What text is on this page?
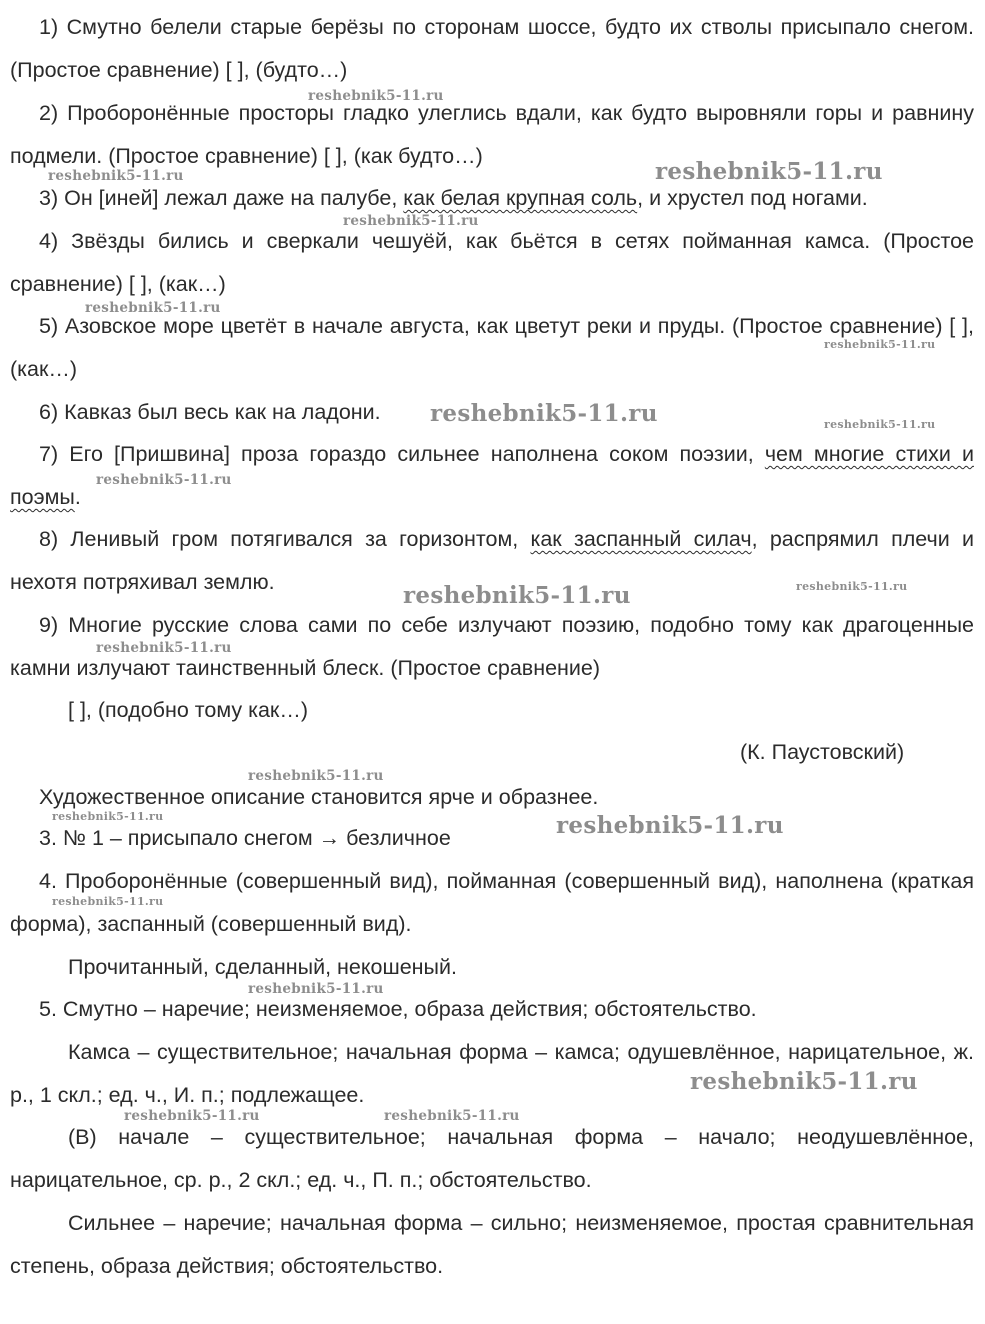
1) Смутно белели старые берёзы по сторонам шоссе, будто их стволы присыпало снегом. (Простое сравнение) [ ], (будто…)

2) Проборонённые просторы гладко улеглись вдали, как будто выровняли горы и равнину подмели. (Простое сравнение) [ ], (как будто…)

3) Он [иней] лежал даже на палубе, как белая крупная соль, и хрустел под ногами.

4) Звёзды бились и сверкали чешуёй, как бьётся в сетях пойманная камса. (Простое сравнение) [ ], (как…)

5) Азовское море цветёт в начале августа, как цветут реки и пруды. (Простое сравнение) [ ], (как…)

6) Кавказ был весь как на ладони.

7) Его [Пришвина] проза гораздо сильнее наполнена соком поэзии, чем многие стихи и поэмы.

8) Ленивый гром потягивался за горизонтом, как заспанный силач, распрямил плечи и нехотя потряхивал землю.

9) Многие русские слова сами по себе излучают поэзию, подобно тому как драгоценные камни излучают таинственный блеск. (Простое сравнение)

[ ], (подобно тому как…)

(К. Паустовский)

Художественное описание становится ярче и образнее.

3. № 1 – присыпало снегом → безличное

4. Проборонённые (совершенный вид), пойманная (совершенный вид), наполнена (краткая форма), заспанный (совершенный вид).

Прочитанный, сделанный, некошеный.

5. Смутно – наречие; неизменяемое, образа действия; обстоятельство.

Камса – существительное; начальная форма – камса; одушевлённое, нарицательное, ж. р., 1 скл.; ед. ч., И. п.; подлежащее.

(В) начале – существительное; начальная форма – начало; неодушевлённое, нарицательное, ср. р., 2 скл.; ед. ч., П. п.; обстоятельство.

Сильнее – наречие; начальная форма – сильно; неизменяемое, простая сравнительная степень, образа действия; обстоятельство.

reshebnik5-11.ru
reshebnik5-11.ru
reshebnik5-11.ru
reshebnik5-11.ru
reshebnik5-11.ru
reshebnik5-11.ru
reshebnik5-11.ru	reshebnik5-11.ru
reshebnik5-11.ru
reshebnik5-11.ru
reshebnik5-11.ru
reshebnik5-11.ru
reshebnik5-11.ru
reshebnik5-11.ru	reshebnik5-11.ru
reshebnik5-11.ru
reshebnik5-11.ru
reshebnik5-11.ru
reshebnik5-11.ru	reshebnik5-11.ru
